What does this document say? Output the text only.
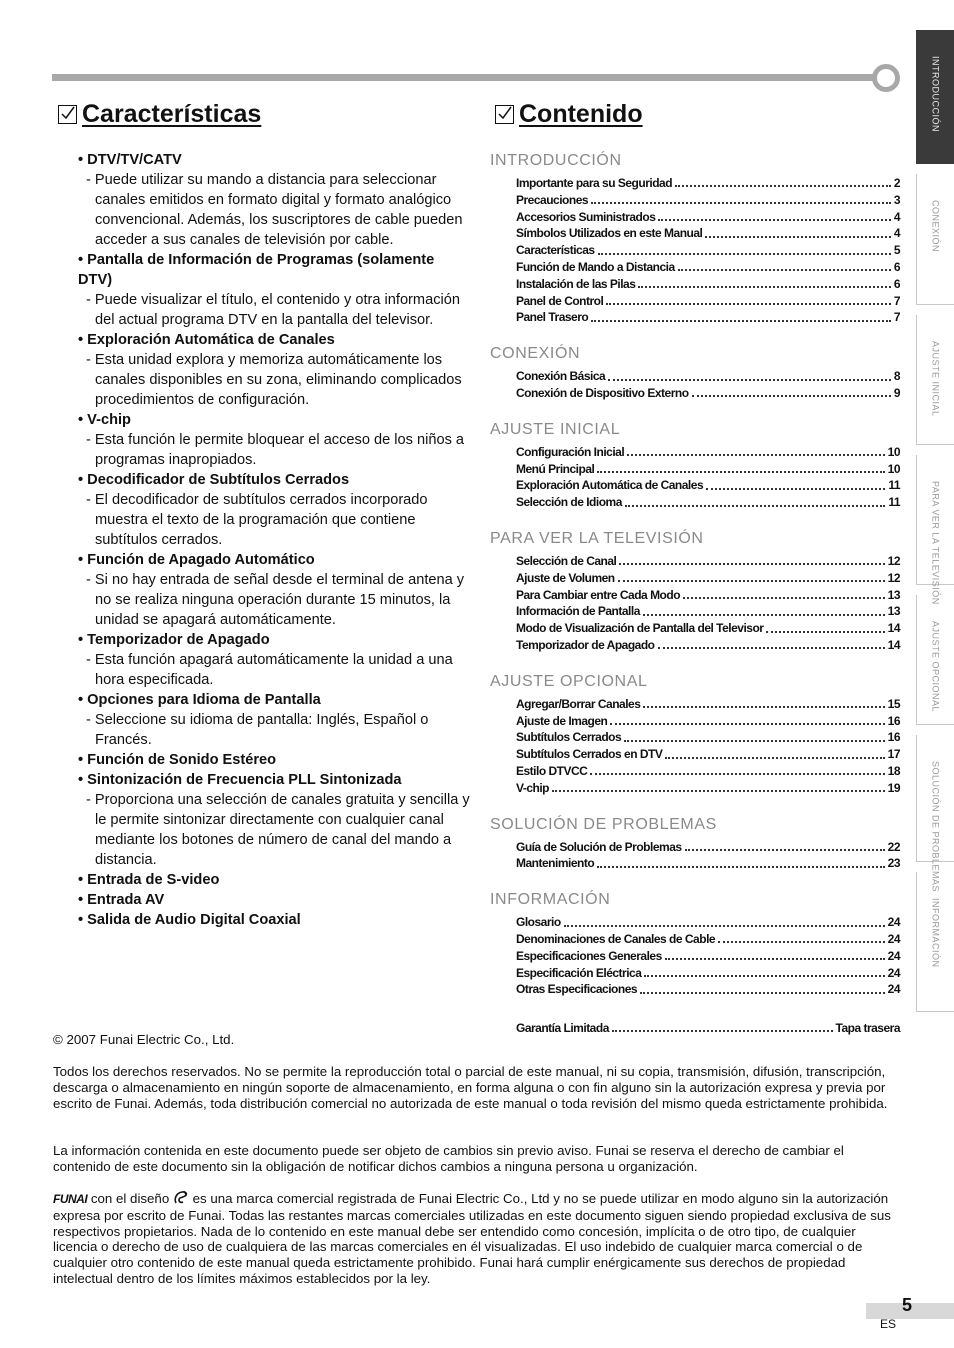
INTRODUCCIÓN
CONEXIÓN
AJUSTE INICIAL
PARA VER LA TELEVISIÓN
AJUSTE OPCIONAL
SOLUCIÓN DE PROBLEMAS
INFORMACIÓN
Características	Contenido
• DTV/TV/CATV
- Puede utilizar su mando a distancia para seleccionar canales emitidos en formato digital y formato analógico convencional. Además, los suscriptores de cable pueden acceder a sus canales de televisión por cable.
• Pantalla de Información de Programas (solamente DTV)
- Puede visualizar el título, el contenido y otra información del actual programa DTV en la pantalla del televisor.
• Exploración Automática de Canales
- Esta unidad explora y memoriza automáticamente los canales disponibles en su zona, eliminando complicados procedimientos de configuración.
• V-chip
- Esta función le permite bloquear el acceso de los niños a programas inapropiados.
• Decodificador de Subtítulos Cerrados
- El decodificador de subtítulos cerrados incorporado muestra el texto de la programación que contiene subtítulos cerrados.
• Función de Apagado Automático
- Si no hay entrada de señal desde el terminal de antena y no se realiza ninguna operación durante 15 minutos, la unidad se apagará automáticamente.
• Temporizador de Apagado
- Esta función apagará automáticamente la unidad a una hora especificada.
• Opciones para Idioma de Pantalla
- Seleccione su idioma de pantalla: Inglés, Español o Francés.
• Función de Sonido Estéreo
• Sintonización de Frecuencia PLL Sintonizada
- Proporciona una selección de canales gratuita y sencilla y le permite sintonizar directamente con cualquier canal mediante los botones de número de canal del mando a distancia.
• Entrada de S-video
• Entrada AV
• Salida de Audio Digital Coaxial
INTRODUCCIÓN
Importante para su Seguridad	2
Precauciones	3
Accesorios Suministrados	4
Símbolos Utilizados en este Manual	4
Características	5
Función de Mando a Distancia	6
Instalación de las Pilas	6
Panel de Control	7
Panel Trasero	7
CONEXIÓN
Conexión Básica	8
Conexión de Dispositivo Externo	9
AJUSTE INICIAL
Configuración Inicial	10
Menú Principal	10
Exploración Automática de Canales	11
Selección de Idioma	11
PARA VER LA TELEVISIÓN
Selección de Canal	12
Ajuste de Volumen	12
Para Cambiar entre Cada Modo	13
Información de Pantalla	13
Modo de Visualización de Pantalla del Televisor	14
Temporizador de Apagado	14
AJUSTE OPCIONAL
Agregar/Borrar Canales	15
Ajuste de Imagen	16
Subtítulos Cerrados	16
Subtítulos Cerrados en DTV	17
Estilo DTVCC	18
V-chip	19
SOLUCIÓN DE PROBLEMAS
Guía de Solución de Problemas	22
Mantenimiento	23
INFORMACIÓN
Glosario	24
Denominaciones de Canales de Cable	24
Especificaciones Generales	24
Especificación Eléctrica	24
Otras Especificaciones	24
Garantía Limitada	Tapa trasera
© 2007 Funai Electric Co., Ltd.
Todos los derechos reservados. No se permite la reproducción total o parcial de este manual, ni su copia, transmisión, difusión, transcripción, descarga o almacenamiento en ningún soporte de almacenamiento, en forma alguna o con fin alguno sin la autorización expresa y previa por escrito de Funai. Además, toda distribución comercial no autorizada de este manual o toda revisión del mismo queda estrictamente prohibida.
La información contenida en este documento puede ser objeto de cambios sin previo aviso. Funai se reserva el derecho de cambiar el contenido de este documento sin la obligación de notificar dichos cambios a ninguna persona u organización.
FUNAI con el diseño  es una marca comercial registrada de Funai Electric Co., Ltd y no se puede utilizar en modo alguno sin la autorización expresa por escrito de Funai. Todas las restantes marcas comerciales utilizadas en este documento siguen siendo propiedad exclusiva de sus respectivos propietarios. Nada de lo contenido en este manual debe ser entendido como concesión, implícita o de otro tipo, de cualquier licencia o derecho de uso de cualquiera de las marcas comerciales en él visualizadas. El uso indebido de cualquier marca comercial o de cualquier otro contenido de este manual queda estrictamente prohibido. Funai hará cumplir enérgicamente sus derechos de propiedad intelectual dentro de los límites máximos establecidos por la ley.
5
ES
